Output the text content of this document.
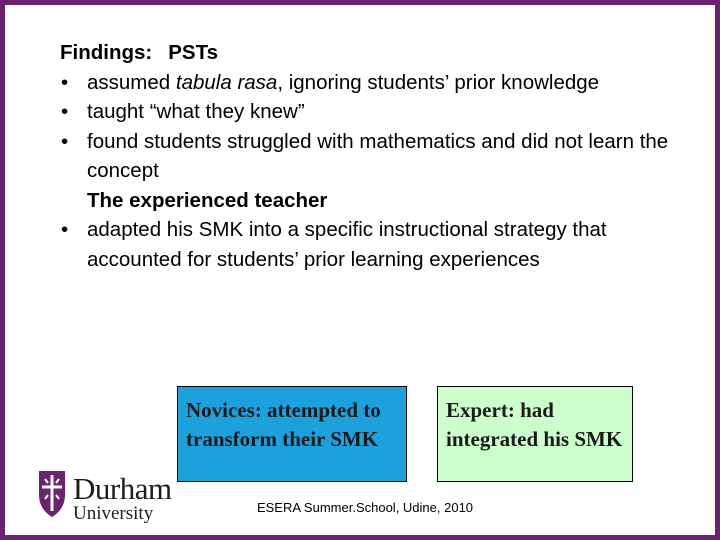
Findings: PSTs

• assumed tabula rasa, ignoring students’ prior knowledge
• taught “what they knew”
• found students struggled with mathematics and did not learn the concept
The experienced teacher
• adapted his SMK into a specific instructional strategy that accounted for students’ prior learning experiences
Novices: attempted to transform their SMK
Expert: had integrated his SMK
ESERA Summer.School, Udine, 2010
Durham
University
